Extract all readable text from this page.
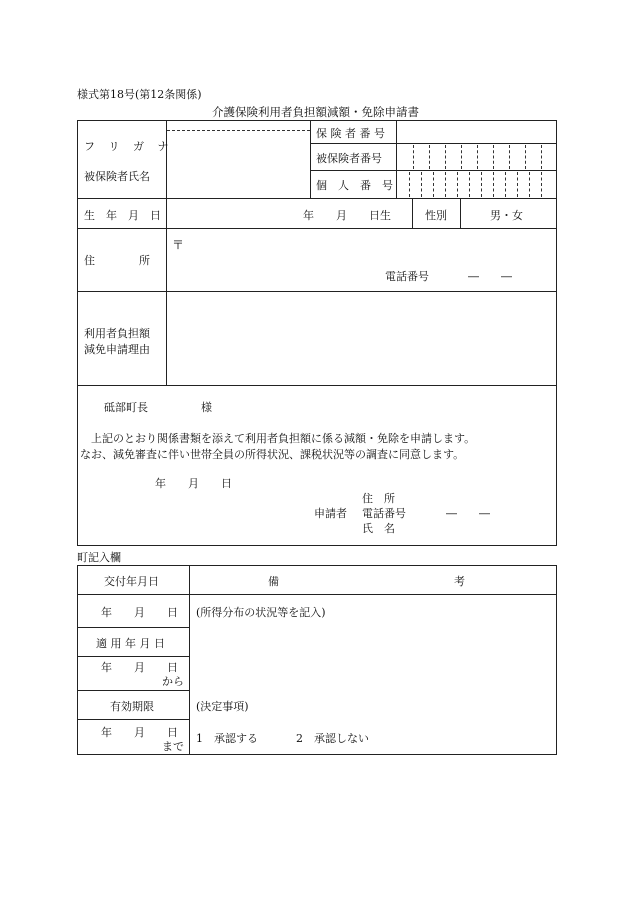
様式第18号(第12条関係)
介護保険利用者負担額減額・免除申請書
フ リ ガ ナ
被保険者氏名
保 険 者 番 号
被保険者番号
個　人　番　号
生　年　月　日	年　　月　　日生	性別	男・女
住　　　　所
〒
電話番号	―　　―
利用者負担額
減免申請理由
砥部町長	様
上記のとおり関係書類を添えて利用者負担額に係る減額・免除を申請します。
なお、減免審査に伴い世帯全員の所得状況、課税状況等の調査に同意します。
年　　月　　日
住　所
申請者 電話番号	―　　―
氏　名
町記入欄
交付年月日	備	考
年　　月　　日 (所得分布の状況等を記入)
適 用 年 月 日
年　　月　　日
から
有効期限	(決定事項)
年　　月　　日
まで
1　承認する	2　承認しない
